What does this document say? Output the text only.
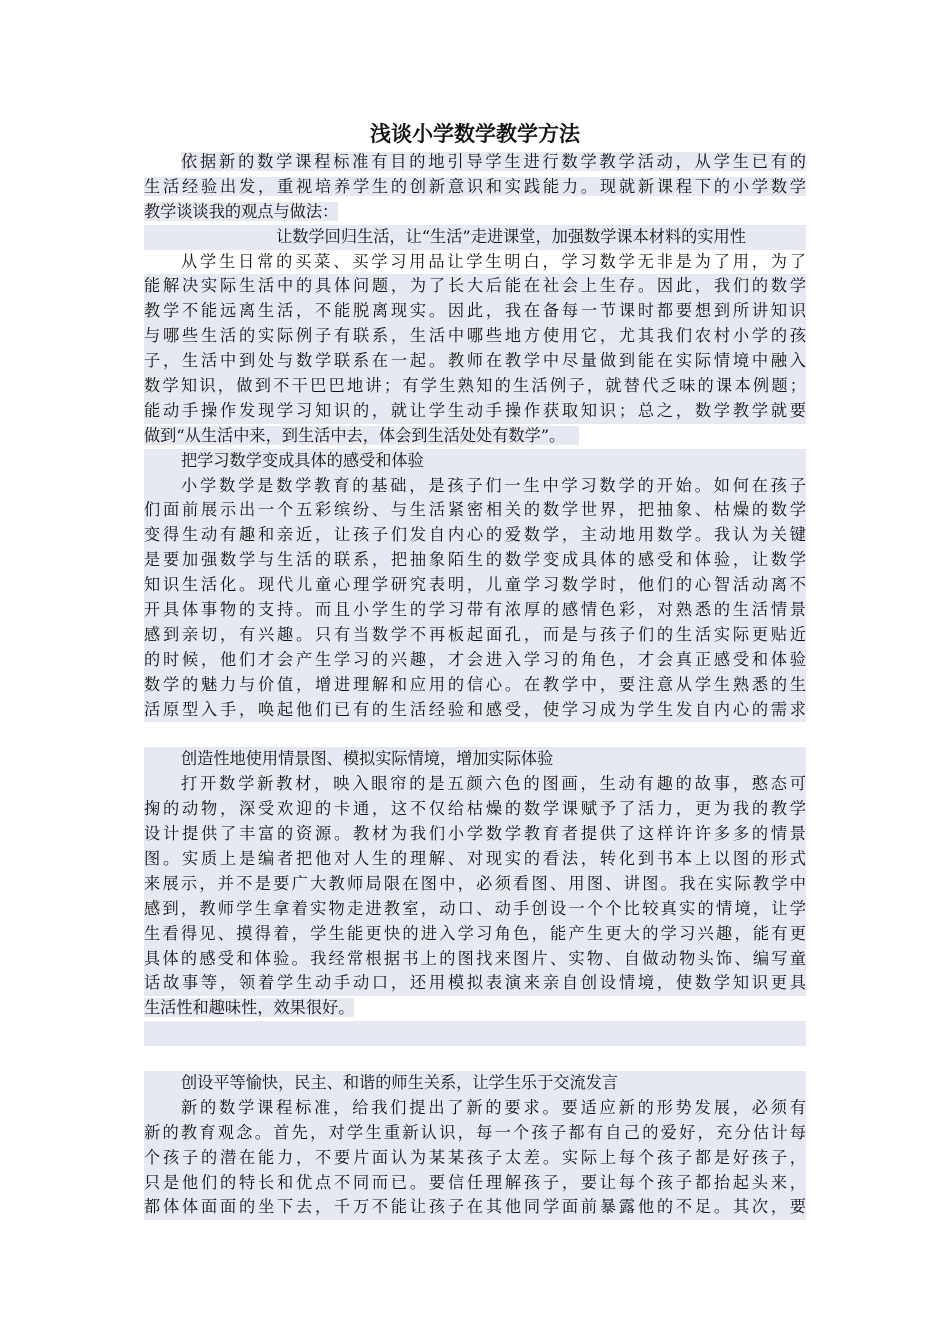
浅谈小学数学教学方法
依据新的数学课程标准有目的地引导学生进行数学教学活动，从学生已有的
生活经验出发，重视培养学生的创新意识和实践能力。现就新课程下的小学数学
教学谈谈我的观点与做法：
让数学回归生活，让“生活”走进课堂，加强数学课本材料的实用性
从学生日常的买菜、买学习用品让学生明白，学习数学无非是为了用，为了
能解决实际生活中的具体问题，为了长大后能在社会上生存。因此，我们的数学
教学不能远离生活，不能脱离现实。因此，我在备每一节课时都要想到所讲知识
与哪些生活的实际例子有联系，生活中哪些地方使用它，尤其我们农村小学的孩
子，生活中到处与数学联系在一起。教师在教学中尽量做到能在实际情境中融入
数学知识，做到不干巴巴地讲；有学生熟知的生活例子，就替代乏味的课本例题；
能动手操作发现学习知识的，就让学生动手操作获取知识；总之，数学教学就要
做到“从生活中来，到生活中去，体会到生活处处有数学”。
把学习数学变成具体的感受和体验
小学数学是数学教育的基础，是孩子们一生中学习数学的开始。如何在孩子
们面前展示出一个五彩缤纷、与生活紧密相关的数学世界，把抽象、枯燥的数学
变得生动有趣和亲近，让孩子们发自内心的爱数学，主动地用数学。我认为关键
是要加强数学与生活的联系，把抽象陌生的数学变成具体的感受和体验，让数学
知识生活化。现代儿童心理学研究表明，儿童学习数学时，他们的心智活动离不
开具体事物的支持。而且小学生的学习带有浓厚的感情色彩，对熟悉的生活情景
感到亲切，有兴趣。只有当数学不再板起面孔，而是与孩子们的生活实际更贴近
的时候，他们才会产生学习的兴趣，才会进入学习的角色，才会真正感受和体验
数学的魅力与价值，增进理解和应用的信心。在教学中，要注意从学生熟悉的生
活原型入手，唤起他们已有的生活经验和感受，使学习成为学生发自内心的需求
创造性地使用情景图、模拟实际情境，增加实际体验
打开数学新教材，映入眼帘的是五颜六色的图画，生动有趣的故事，憨态可
掬的动物，深受欢迎的卡通，这不仅给枯燥的数学课赋予了活力，更为我的教学
设计提供了丰富的资源。教材为我们小学数学教育者提供了这样许许多多的情景
图。实质上是编者把他对人生的理解、对现实的看法，转化到书本上以图的形式
来展示，并不是要广大教师局限在图中，必须看图、用图、讲图。我在实际教学中
感到，教师学生拿着实物走进教室，动口、动手创设一个个比较真实的情境，让学
生看得见、摸得着，学生能更快的进入学习角色，能产生更大的学习兴趣，能有更
具体的感受和体验。我经常根据书上的图找来图片、实物、自做动物头饰、编写童
话故事等，领着学生动手动口，还用模拟表演来亲自创设情境，使数学知识更具
生活性和趣味性，效果很好。
创设平等愉快，民主、和谐的师生关系，让学生乐于交流发言
新的数学课程标准，给我们提出了新的要求。要适应新的形势发展，必须有
新的教育观念。首先，对学生重新认识，每一个孩子都有自己的爱好，充分估计每
个孩子的潜在能力，不要片面认为某某孩子太差。实际上每个孩子都是好孩子，
只是他们的特长和优点不同而已。要信任理解孩子，要让每个孩子都抬起头来，
都体体面面的坐下去，千万不能让孩子在其他同学面前暴露他的不足。其次，要
